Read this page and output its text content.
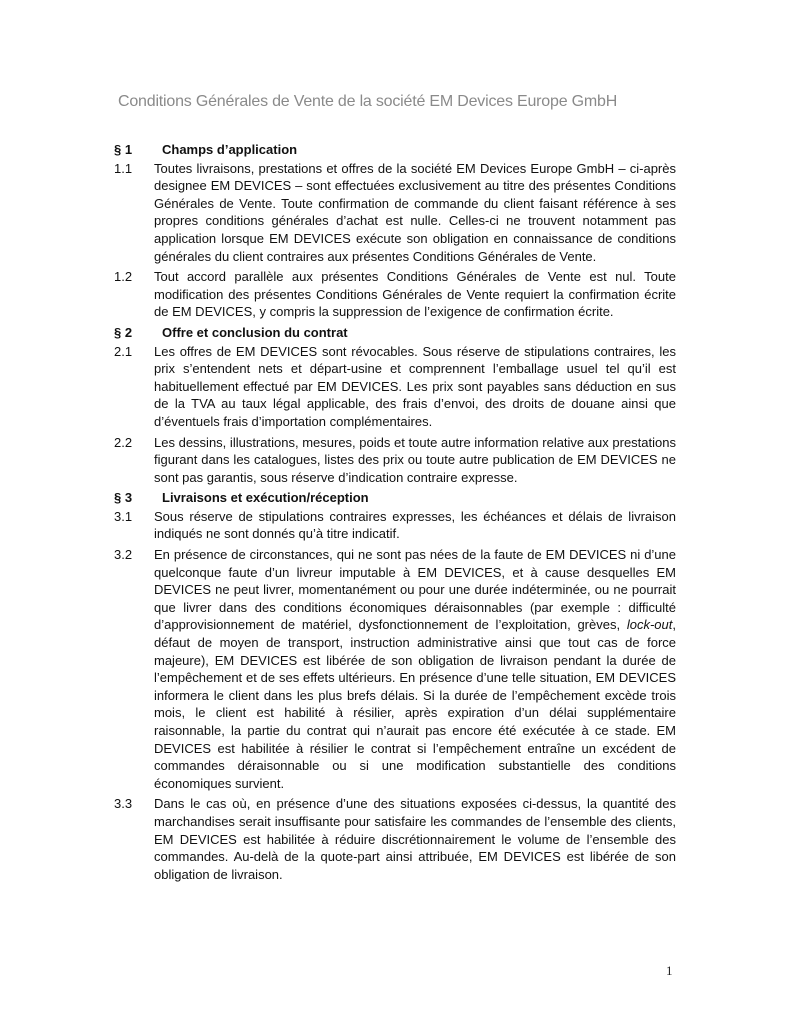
Conditions Générales de Vente de la société EM Devices Europe GmbH
§ 1	Champs d’application
1.1	Toutes livraisons, prestations et offres de la société EM Devices Europe GmbH – ci-après designee EM DEVICES – sont effectuées exclusivement au titre des présentes Conditions Générales de Vente. Toute confirmation de commande du client faisant référence à ses propres conditions générales d’achat est nulle. Celles-ci ne trouvent notamment pas application lorsque EM DEVICES exécute son obligation en connaissance de conditions générales du client contraires aux présentes Conditions Générales de Vente.
1.2	Tout accord parallèle aux présentes Conditions Générales de Vente est nul. Toute modification des présentes Conditions Générales de Vente requiert la confirmation écrite de EM DEVICES, y compris la suppression de l’exigence de confirmation écrite.
§ 2	Offre et conclusion du contrat
2.1	Les offres de EM DEVICES sont révocables. Sous réserve de stipulations contraires, les prix s’entendent nets et départ-usine et comprennent l’emballage usuel tel qu’il est habituellement effectué par EM DEVICES. Les prix sont payables sans déduction en sus de la TVA au taux légal applicable, des frais d’envoi, des droits de douane ainsi que d’éventuels frais d’importation complémentaires.
2.2	Les dessins, illustrations, mesures, poids et toute autre information relative aux prestations figurant dans les catalogues, listes des prix ou toute autre publication de EM DEVICES ne sont pas garantis, sous réserve d’indication contraire expresse.
§ 3	Livraisons et exécution/réception
3.1	Sous réserve de stipulations contraires expresses, les échéances et délais de livraison indiqués ne sont donnés qu’à titre indicatif.
3.2	En présence de circonstances, qui ne sont pas nées de la faute de EM DEVICES ni d’une quelconque faute d’un livreur imputable à EM DEVICES, et à cause desquelles EM DEVICES ne peut livrer, momentanément ou pour une durée indéterminée, ou ne pourrait que livrer dans des conditions économiques déraisonnables (par exemple : difficulté d’approvisionnement de matériel, dysfonctionnement de l’exploitation, grèves, lock-out, défaut de moyen de transport, instruction administrative ainsi que tout cas de force majeure), EM DEVICES est libérée de son obligation de livraison pendant la durée de l’empêchement et de ses effets ultérieurs. En présence d’une telle situation, EM DEVICES informera le client dans les plus brefs délais. Si la durée de l’empêchement excède trois mois, le client est habilité à résilier, après expiration d’un délai supplémentaire raisonnable, la partie du contrat qui n’aurait pas encore été exécutée à ce stade. EM DEVICES est habilitée à résilier le contrat si l’empêchement entraîne un excédent de commandes déraisonnable ou si une modification substantielle des conditions économiques survient.
3.3	Dans le cas où, en présence d’une des situations exposées ci-dessus, la quantité des marchandises serait insuffisante pour satisfaire les commandes de l’ensemble des clients, EM DEVICES est habilitée à réduire discrétionnairement le volume de l’ensemble des commandes. Au-delà de la quote-part ainsi attribuée, EM DEVICES est libérée de son obligation de livraison.
1
